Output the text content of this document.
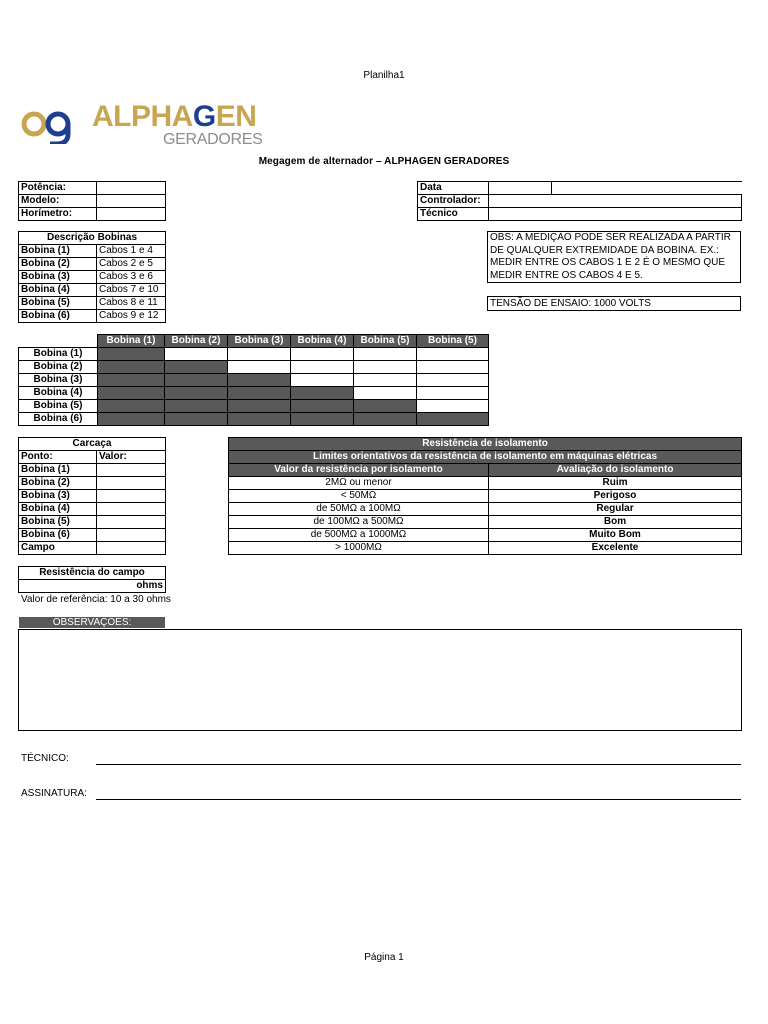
Planilha1
ALPHAGEN
GERADORES
Megagem de alternador – ALPHAGEN GERADORES
Potência:	
Modelo:	
Horímetro:	
Data	

Controlador:	
Técnico	
Descrição Bobinas	
Bobina (1)	Cabos 1 e 4
Bobina (2)	Cabos 2 e 5
Bobina (3)	Cabos 3 e 6
Bobina (4)	Cabos 7 e 10
Bobina (5)	Cabos 8 e 11
Bobina (6)	Cabos 9 e 12
OBS: A MEDIÇÃO PODE SER REALIZADA A PARTIR DE QUALQUER EXTREMIDADE DA BOBINA. EX.: MEDIR ENTRE OS CABOS 1 E 2 É O MESMO QUE MEDIR ENTRE OS CABOS 4 E 5.
TENSÃO DE ENSAIO: 1000 VOLTS
	Bobina (1)	Bobina (2)	Bobina (3)	Bobina (4)	Bobina (5)	Bobina (5)
Bobina (1)						
Bobina (2)						
Bobina (3)						
Bobina (4)						
Bobina (5)						
Bobina (6)						
Carcaça	
Ponto:	Valor:
Bobina (1)	
Bobina (2)	
Bobina (3)	
Bobina (4)	
Bobina (5)	
Bobina (6)	
Campo	
Resistência de isolamento	
Limites orientativos da resistência de isolamento em máquinas elétricas	
Valor da resistência por isolamento	Avaliação do isolamento
2MΩ ou menor	Ruim
< 50MΩ	Perigoso
de 50MΩ a 100MΩ	Regular
de 100MΩ a 500MΩ	Bom
de 500MΩ a 1000MΩ	Muito Bom
> 1000MΩ	Excelente
Resistência do campo
ohms
Valor de referência: 10 a 30 ohms
OBSERVAÇOES:
TÉCNICO:
ASSINATURA:
Página 1
